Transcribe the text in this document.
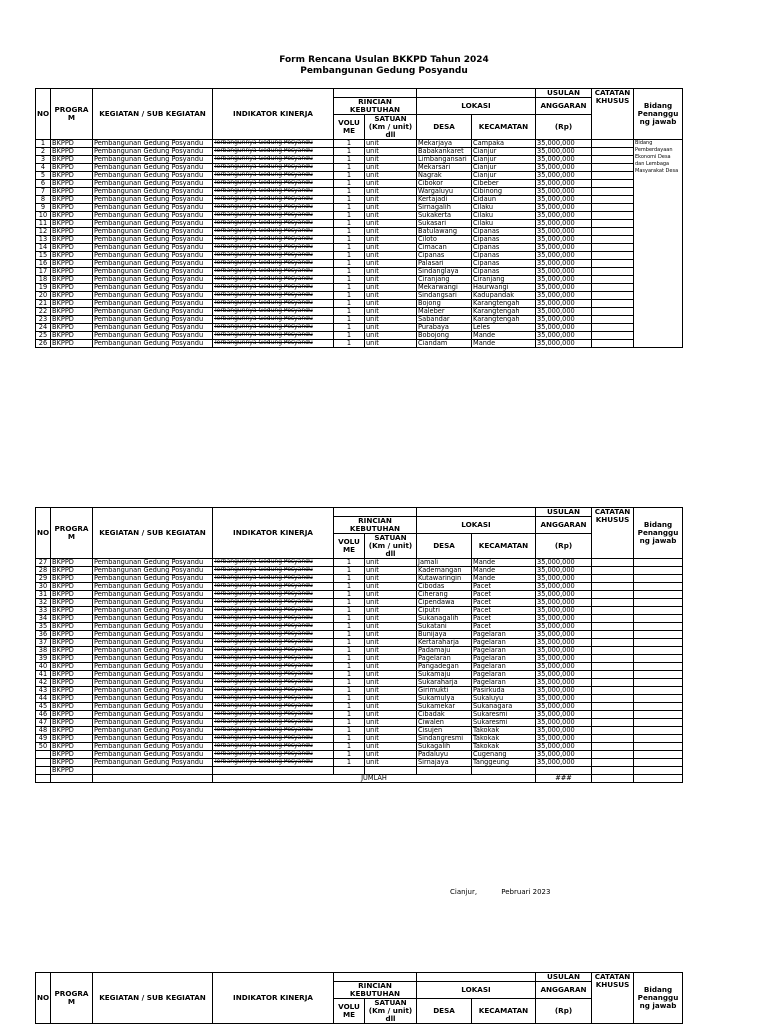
Form Rencana Usulan BKKPD Tahun 2024
Pembangunan Gedung Posyandu
NO	PROGRA M	KEGIATAN / SUB KEGIATAN	INDIKATOR KINERJA					USULAN	CATATAN KHUSUS	Bidang Penanggu ng jawab
				RINCIAN KEBUTUHAN		LOKASI		ANGGARAN		
				VOLU ME	SATUAN (Km / unit) dll	DESA	KECAMATAN	(Rp)		
1	BKPPD	Pembangunan Gedung Posyandu	Terbangunnya Gedung Posyandu	1	unit	Mekarjaya	Campaka	35,000,000		Bidang Pemberdayaan Ekonomi Desa dan Lembaga Masyarakat Desa
2	BKPPD	Pembangunan Gedung Posyandu	Terbangunnya Gedung Posyandu	1	unit	Babakankaret	Cianjur	35,000,000		
3	BKPPD	Pembangunan Gedung Posyandu	Terbangunnya Gedung Posyandu	1	unit	Limbangansari	Cianjur	35,000,000		
4	BKPPD	Pembangunan Gedung Posyandu	Terbangunnya Gedung Posyandu	1	unit	Mekarsari	Cianjur	35,000,000		
5	BKPPD	Pembangunan Gedung Posyandu	Terbangunnya Gedung Posyandu	1	unit	Nagrak	Cianjur	35,000,000		
6	BKPPD	Pembangunan Gedung Posyandu	Terbangunnya Gedung Posyandu	1	unit	Cibokor	Cibeber	35,000,000		
7	BKPPD	Pembangunan Gedung Posyandu	Terbangunnya Gedung Posyandu	1	unit	Wargaluyu	Cibinong	35,000,000		
8	BKPPD	Pembangunan Gedung Posyandu	Terbangunnya Gedung Posyandu	1	unit	Kertajadi	Cidaun	35,000,000		
9	BKPPD	Pembangunan Gedung Posyandu	Terbangunnya Gedung Posyandu	1	unit	Sirnagalih	Cilaku	35,000,000		
10	BKPPD	Pembangunan Gedung Posyandu	Terbangunnya Gedung Posyandu	1	unit	Sukakerta	Cilaku	35,000,000		
11	BKPPD	Pembangunan Gedung Posyandu	Terbangunnya Gedung Posyandu	1	unit	Sukasari	Cilaku	35,000,000		
12	BKPPD	Pembangunan Gedung Posyandu	Terbangunnya Gedung Posyandu	1	unit	Batulawang	Cipanas	35,000,000		
13	BKPPD	Pembangunan Gedung Posyandu	Terbangunnya Gedung Posyandu	1	unit	Ciloto	Cipanas	35,000,000		
14	BKPPD	Pembangunan Gedung Posyandu	Terbangunnya Gedung Posyandu	1	unit	Cimacan	Cipanas	35,000,000		
15	BKPPD	Pembangunan Gedung Posyandu	Terbangunnya Gedung Posyandu	1	unit	Cipanas	Cipanas	35,000,000		
16	BKPPD	Pembangunan Gedung Posyandu	Terbangunnya Gedung Posyandu	1	unit	Palasari	Cipanas	35,000,000		
17	BKPPD	Pembangunan Gedung Posyandu	Terbangunnya Gedung Posyandu	1	unit	Sindanglaya	Cipanas	35,000,000		
18	BKPPD	Pembangunan Gedung Posyandu	Terbangunnya Gedung Posyandu	1	unit	Ciranjang	Ciranjang	35,000,000		
19	BKPPD	Pembangunan Gedung Posyandu	Terbangunnya Gedung Posyandu	1	unit	Mekarwangi	Haurwangi	35,000,000		
20	BKPPD	Pembangunan Gedung Posyandu	Terbangunnya Gedung Posyandu	1	unit	Sindangsari	Kadupandak	35,000,000		
21	BKPPD	Pembangunan Gedung Posyandu	Terbangunnya Gedung Posyandu	1	unit	Bojong	Karangtengah	35,000,000		
22	BKPPD	Pembangunan Gedung Posyandu	Terbangunnya Gedung Posyandu	1	unit	Maleber	Karangtengah	35,000,000		
23	BKPPD	Pembangunan Gedung Posyandu	Terbangunnya Gedung Posyandu	1	unit	Sabandar	Karangtengah	35,000,000		
24	BKPPD	Pembangunan Gedung Posyandu	Terbangunnya Gedung Posyandu	1	unit	Purabaya	Leles	35,000,000		
25	BKPPD	Pembangunan Gedung Posyandu	Terbangunnya Gedung Posyandu	1	unit	Bobojong	Mande	35,000,000		
26	BKPPD	Pembangunan Gedung Posyandu	Terbangunnya Gedung Posyandu	1	unit	Ciandam	Mande	35,000,000		
NO	PROGRA M	KEGIATAN / SUB KEGIATAN	INDIKATOR KINERJA					USULAN	CATATAN KHUSUS	Bidang Penanggu ng jawab
				RINCIAN KEBUTUHAN		LOKASI		ANGGARAN		
				VOLU ME	SATUAN (Km / unit) dll	DESA	KECAMATAN	(Rp)		
27	BKPPD	Pembangunan Gedung Posyandu	Terbangunnya Gedung Posyandu	1	unit	Jamali	Mande	35,000,000		
28	BKPPD	Pembangunan Gedung Posyandu	Terbangunnya Gedung Posyandu	1	unit	Kademangan	Mande	35,000,000		
29	BKPPD	Pembangunan Gedung Posyandu	Terbangunnya Gedung Posyandu	1	unit	Kutawaringin	Mande	35,000,000		
30	BKPPD	Pembangunan Gedung Posyandu	Terbangunnya Gedung Posyandu	1	unit	Cibodas	Pacet	35,000,000		
31	BKPPD	Pembangunan Gedung Posyandu	Terbangunnya Gedung Posyandu	1	unit	Ciherang	Pacet	35,000,000		
32	BKPPD	Pembangunan Gedung Posyandu	Terbangunnya Gedung Posyandu	1	unit	Cipendawa	Pacet	35,000,000		
33	BKPPD	Pembangunan Gedung Posyandu	Terbangunnya Gedung Posyandu	1	unit	Ciputri	Pacet	35,000,000		
34	BKPPD	Pembangunan Gedung Posyandu	Terbangunnya Gedung Posyandu	1	unit	Sukanagalih	Pacet	35,000,000		
35	BKPPD	Pembangunan Gedung Posyandu	Terbangunnya Gedung Posyandu	1	unit	Sukatani	Pacet	35,000,000		
36	BKPPD	Pembangunan Gedung Posyandu	Terbangunnya Gedung Posyandu	1	unit	Bunijaya	Pagelaran	35,000,000		
37	BKPPD	Pembangunan Gedung Posyandu	Terbangunnya Gedung Posyandu	1	unit	Kertaraharja	Pagelaran	35,000,000		
38	BKPPD	Pembangunan Gedung Posyandu	Terbangunnya Gedung Posyandu	1	unit	Padamaju	Pagelaran	35,000,000		
39	BKPPD	Pembangunan Gedung Posyandu	Terbangunnya Gedung Posyandu	1	unit	Pagelaran	Pagelaran	35,000,000		
40	BKPPD	Pembangunan Gedung Posyandu	Terbangunnya Gedung Posyandu	1	unit	Pangadegan	Pagelaran	35,000,000		
41	BKPPD	Pembangunan Gedung Posyandu	Terbangunnya Gedung Posyandu	1	unit	Sukamaju	Pagelaran	35,000,000		
42	BKPPD	Pembangunan Gedung Posyandu	Terbangunnya Gedung Posyandu	1	unit	Sukaraharja	Pagelaran	35,000,000		
43	BKPPD	Pembangunan Gedung Posyandu	Terbangunnya Gedung Posyandu	1	unit	Girimukti	Pasirkuda	35,000,000		
44	BKPPD	Pembangunan Gedung Posyandu	Terbangunnya Gedung Posyandu	1	unit	Sukamulya	Sukaluyu	35,000,000		
45	BKPPD	Pembangunan Gedung Posyandu	Terbangunnya Gedung Posyandu	1	unit	Sukamekar	Sukanagara	35,000,000		
46	BKPPD	Pembangunan Gedung Posyandu	Terbangunnya Gedung Posyandu	1	unit	Cibadak	Sukaresmi	35,000,000		
47	BKPPD	Pembangunan Gedung Posyandu	Terbangunnya Gedung Posyandu	1	unit	Ciwalen	Sukaresmi	35,000,000		
48	BKPPD	Pembangunan Gedung Posyandu	Terbangunnya Gedung Posyandu	1	unit	Cisujen	Takokak	35,000,000		
49	BKPPD	Pembangunan Gedung Posyandu	Terbangunnya Gedung Posyandu	1	unit	Sindangresmi	Takokak	35,000,000		
50	BKPPD	Pembangunan Gedung Posyandu	Terbangunnya Gedung Posyandu	1	unit	Sukagalih	Takokak	35,000,000		
	BKPPD	Pembangunan Gedung Posyandu	Terbangunnya Gedung Posyandu	1	unit	Padaluyu	Cugenang	35,000,000		
	BKPPD	Pembangunan Gedung Posyandu	Terbangunnya Gedung Posyandu	1	unit	Sirnajaya	Tanggeung	35,000,000		
	BKPPD									
			JUMLAH					###		
Cianjur,	Pebruari 2023
NO	PROGRA M	KEGIATAN / SUB KEGIATAN	INDIKATOR KINERJA					USULAN	CATATAN KHUSUS	Bidang Penanggu ng jawab
				RINCIAN KEBUTUHAN		LOKASI		ANGGARAN		
				VOLU ME	SATUAN (Km / unit) dll	DESA	KECAMATAN	(Rp)		
